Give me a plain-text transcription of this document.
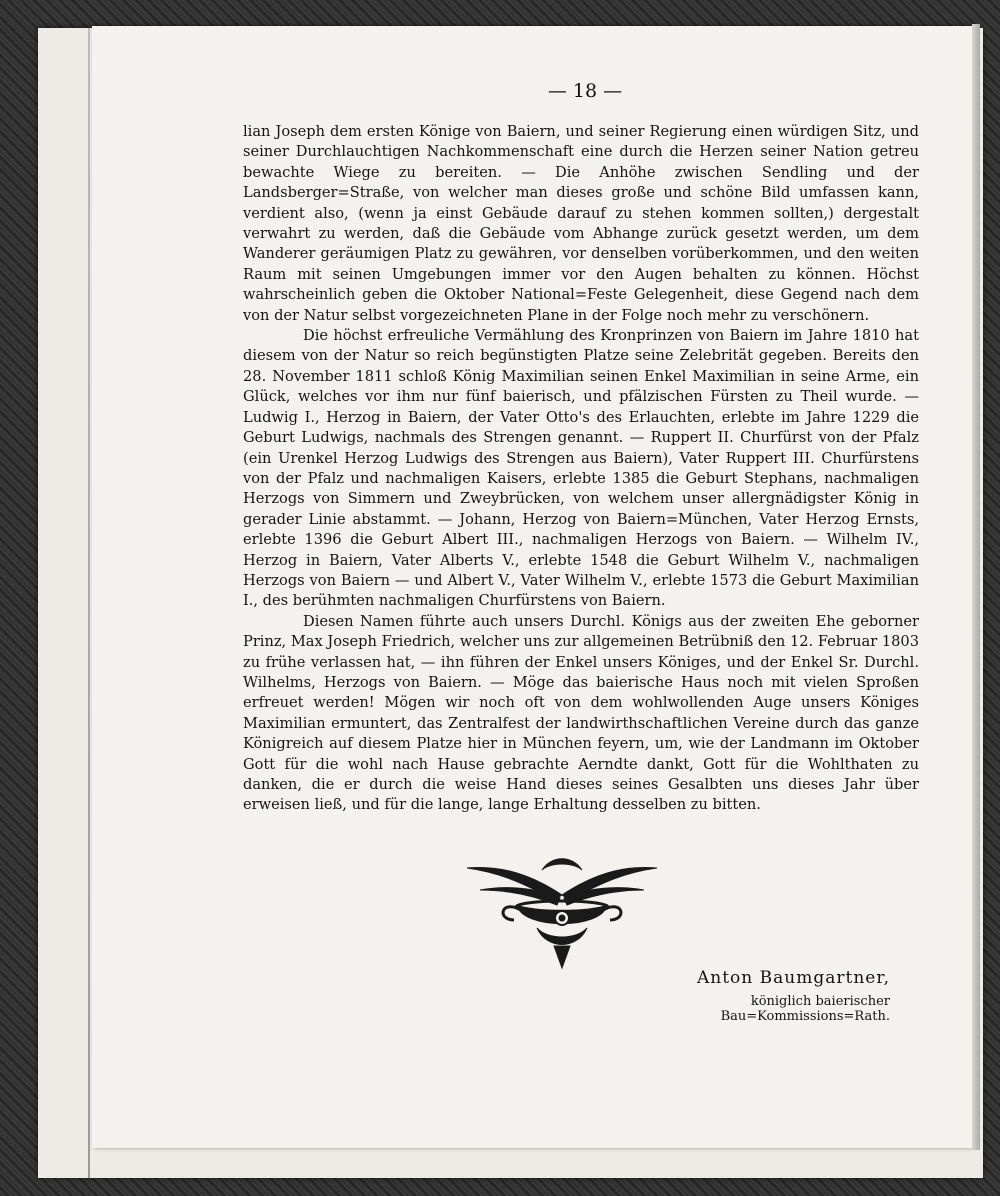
— 18 —

lian Joseph dem ersten Könige von Baiern, und seiner Regierung einen würdigen Sitz, und seiner Durchlauchtigen Nachkommenschaft eine durch die Herzen seiner Nation getreu bewachte Wiege zu bereiten. — Die Anhöhe zwischen Sendling und der Landsberger=Straße, von welcher man dieses große und schöne Bild umfassen kann, verdient also, (wenn ja einst Gebäude darauf zu stehen kommen sollten,) dergestalt verwahrt zu werden, daß die Gebäude vom Abhange zurück gesetzt werden, um dem Wanderer geräumigen Platz zu gewähren, vor denselben vorüberkommen, und den weiten Raum mit seinen Umgebungen immer vor den Augen behalten zu können. Höchst wahrscheinlich geben die Oktober National=Feste Gelegenheit, diese Gegend nach dem von der Natur selbst vorgezeichneten Plane in der Folge noch mehr zu verschönern.

Die höchst erfreuliche Vermählung des Kronprinzen von Baiern im Jahre 1810 hat diesem von der Natur so reich begünstigten Platze seine Zelebrität gegeben. Bereits den 28. November 1811 schloß König Maximilian seinen Enkel Maximilian in seine Arme, ein Glück, welches vor ihm nur fünf baierisch, und pfälzischen Fürsten zu Theil wurde. — Ludwig I., Herzog in Baiern, der Vater Otto's des Erlauchten, erlebte im Jahre 1229 die Geburt Ludwigs, nachmals des Strengen genannt. — Ruppert II. Churfürst von der Pfalz (ein Urenkel Herzog Ludwigs des Strengen aus Baiern), Vater Ruppert III. Churfürstens von der Pfalz und nachmaligen Kaisers, erlebte 1385 die Geburt Stephans, nachmaligen Herzogs von Simmern und Zweybrücken, von welchem unser allergnädigster König in gerader Linie abstammt. — Johann, Herzog von Baiern=München, Vater Herzog Ernsts, erlebte 1396 die Geburt Albert III., nachmaligen Herzogs von Baiern. — Wilhelm IV., Herzog in Baiern, Vater Alberts V., erlebte 1548 die Geburt Wilhelm V., nachmaligen Herzogs von Baiern — und Albert V., Vater Wilhelm V., erlebte 1573 die Geburt Maximilian I., des berühmten nachmaligen Churfürstens von Baiern.

Diesen Namen führte auch unsers Durchl. Königs aus der zweiten Ehe geborner Prinz, Max Joseph Friedrich, welcher uns zur allgemeinen Betrübniß den 12. Februar 1803 zu frühe verlassen hat, — ihn führen der Enkel unsers Königes, und der Enkel Sr. Durchl. Wilhelms, Herzogs von Baiern. — Möge das baierische Haus noch mit vielen Sproßen erfreuet werden! Mögen wir noch oft von dem wohlwollenden Auge unsers Königes Maximilian ermuntert, das Zentralfest der landwirthschaftlichen Vereine durch das ganze Königreich auf diesem Platze hier in München feyern, um, wie der Landmann im Oktober Gott für die wohl nach Hause gebrachte Aerndte dankt, Gott für die Wohlthaten zu danken, die er durch die weise Hand dieses seines Gesalbten uns dieses Jahr über erweisen ließ, und für die lange, lange Erhaltung desselben zu bitten.

Anton Baumgartner,
königlich baierischer Bau=Kommissions=Rath.
